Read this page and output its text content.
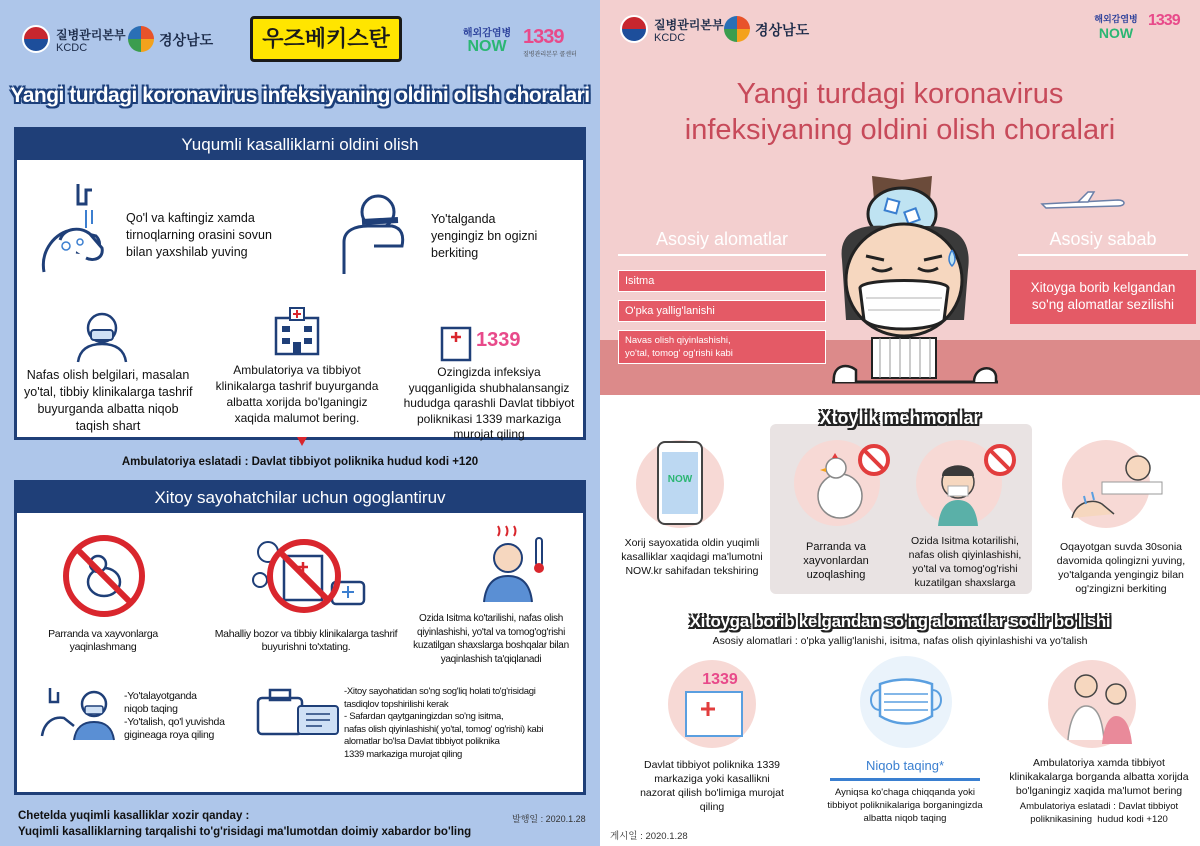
질병관리본부
KCDC	경상남도	우즈베키스탄	해외감염병
NOW 1339
질병관리본부 콜센터
Yangi turdagi koronavirus infeksiyaning oldini olish choralari
Yuqumli kasalliklarni oldini olish
Qo'l va kaftingiz xamda
tirnoqlarning orasini sovun
bilan yaxshilab yuving
Yo'talganda
yengingiz bn ogizni
berkiting
Nafas olish belgilari, masalan
yo'tal, tibbiy klinikalarga tashrif
buyurganda albatta niqob
taqish shart
Ambulatoriya va tibbiyot
klinikalarga tashrif buyurganda
albatta xorijda bo'lganingiz
xaqida malumot bering.
1339
Ozingizda infeksiya
yuqganligida shubhalansangiz
hududga qarashli Davlat tibbiyot
poliknikasi 1339 markaziga
murojat qiling
Ambulatoriya eslatadi : Davlat tibbiyot poliknika hudud kodi +120
Xitoy sayohatchilar uchun ogoglantiruv
Parranda va xayvonlarga
yaqinlashmang
Mahalliy bozor va tibbiy klinikalarga tashrif
buyurishni to'xtating.
Ozida Isitma ko'tarilishi, nafas olish
qiyinlashishi, yo'tal va tomog'og'rishi
kuzatilgan shaxslarga boshqalar bilan
yaqinlashish ta'qiqlanadi
-Yo'talayotganda
niqob taqing
-Yo'talish, qo'l yuvishda
gigineaga roya qiling
-Xitoy sayohatidan so'ng sog'liq holati to'g'risidagi
tasdiqlov topshirilishi kerak
- Safardan qaytganingizdan so'ng isitma,
nafas olish qiyinlashishi( yo'tal, tomog' og'rishi) kabi
alomatlar bo'lsa Davlat tibbiyot poliknika
1339 markaziga murojat qiling
Chetelda yuqimli kasalliklar xozir qanday :
Yuqimli kasalliklarning tarqalishi to'g'risidagi ma'lumotdan doimiy xabardor bo'ling
발행일 : 2020.1.28
질병관리본부
KCDC	경상남도
해외감염병
NOW
1339
Yangi turdagi koronavirus
infeksiyaning oldini olish choralari
Asosiy alomatlar	Asosiy sabab
Isitma
O'pka yallig'lanishi
Navas olish qiyinlashishi,
yo'tal, tomog' og'rishi kabi
Xitoyga borib kelgandan
so'ng alomatlar sezilishi
Xtoylik mehmonlar
NOW
Xorij sayoxatida oldin yuqimli
kasalliklar xaqidagi ma'lumotni
NOW.kr sahifadan tekshiring
Parranda va
xayvonlardan
uzoqlashing
Ozida Isitma kotarilishi,
nafas olish qiyinlashishi,
yo'tal va tomog'og'rishi
kuzatilgan shaxslarga
Oqayotgan suvda 30sonia
davomida qolingizni yuving,
yo'talganda yengingiz bilan
og'zingizni berkiting
Xitoyga borib kelgandan so'ng alomatlar sodir bo'lishi
Asosiy alomatlari : o'pka yallig'lanishi, isitma, nafas olish qiyinlashishi va yo'talish
1339
Davlat tibbiyot poliknika 1339
markaziga yoki kasallikni
nazorat qilish bo'limiga murojat
qiling
Niqob taqing*
Ayniqsa ko'chaga chiqqanda yoki
tibbiyot poliknikalariga borganingizda
albatta niqob taqing
Ambulatoriya xamda tibbiyot
klinikakalarga borganda albatta xorijda
bo'lganingiz xaqida ma'lumot bering
Ambulatoriya eslatadi : Davlat tibbiyot
poliknikasining  hudud kodi +120
게시일 : 2020.1.28
